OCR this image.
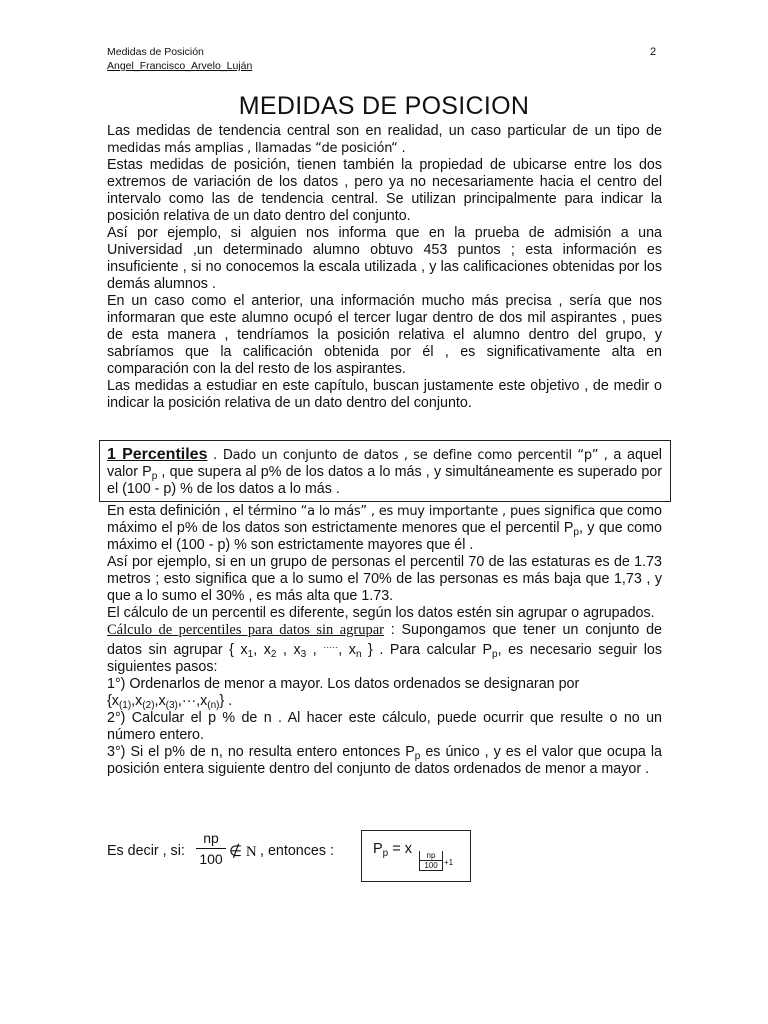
Medidas de Posición
Angel_Francisco_Arvelo_Luján
2
MEDIDAS DE POSICION

Las medidas de tendencia central son en realidad, un caso particular de un tipo de medidas más amplias , llamadas “de posición“ .

Estas medidas de posición, tienen también la propiedad de ubicarse entre los dos extremos de variación de los datos , pero ya no necesariamente hacia el centro del intervalo como las de tendencia central. Se utilizan principalmente para indicar la posición relativa de un dato dentro del conjunto.

Así por ejemplo, si alguien nos informa que en la prueba de admisión a una Universidad ,un determinado alumno obtuvo 453 puntos ; esta información es insuficiente , si no conocemos la escala utilizada , y las calificaciones obtenidas por los demás alumnos .

En un caso como el anterior, una información mucho más precisa , sería que nos informaran que este alumno ocupó el tercer lugar dentro de dos mil aspirantes , pues de esta manera , tendríamos la posición relativa el alumno dentro del grupo, y sabríamos que la calificación obtenida por él , es significativamente alta en comparación con la del resto de los aspirantes.

Las medidas a estudiar en este capítulo, buscan justamente este objetivo , de medir o indicar la posición relativa de un dato dentro del conjunto.

1 Percentiles . Dado un conjunto de datos , se define como percentil “p” , a aquel valor $P_p$ , que supera al p% de los datos a lo más , y simultáneamente es superado por el (100 - p) % de los datos a lo más .

En esta definición , el término “a lo más” , es muy importante , pues significa que como máximo el p% de los datos son estrictamente menores que el percentil $P_p$, y que como máximo el (100 - p) % son estrictamente mayores que él .

Así por ejemplo, si en un grupo de personas el percentil 70 de las estaturas es de 1.73 metros ; esto significa que a lo sumo el 70% de las personas es más baja que 1,73 , y que a lo sumo el 30% , es más alta que 1.73.

El cálculo de un percentil es diferente, según los datos estén sin agrupar o agrupados.

Cálculo de percentiles para datos sin agrupar : Supongamos que tener un conjunto de datos sin agrupar { $x_1$, $x_2$ , $x_3$ , ·····, $x_n$ } . Para calcular $P_p$, es necesario seguir los siguientes pasos:

1°) Ordenarlos de menor a mayor. Los datos ordenados se designaran por
$\{x_{(1)},x_{(2)},x_{(3)},\cdot\cdot\cdot,x_{(n)}\}$ .

2°) Calcular el p % de n . Al hacer este cálculo, puede ocurrir que resulte o no un número entero.

3°) Si el p% de n, no resulta entero entonces $P_p$ es único , y es el valor que ocupa la posición entera siguiente dentro del conjunto de datos ordenados de menor a mayor .

Es decir , si:
np
100 ∉ N , entonces :	$P_p = x$
$\frac{np}{100} +1$
